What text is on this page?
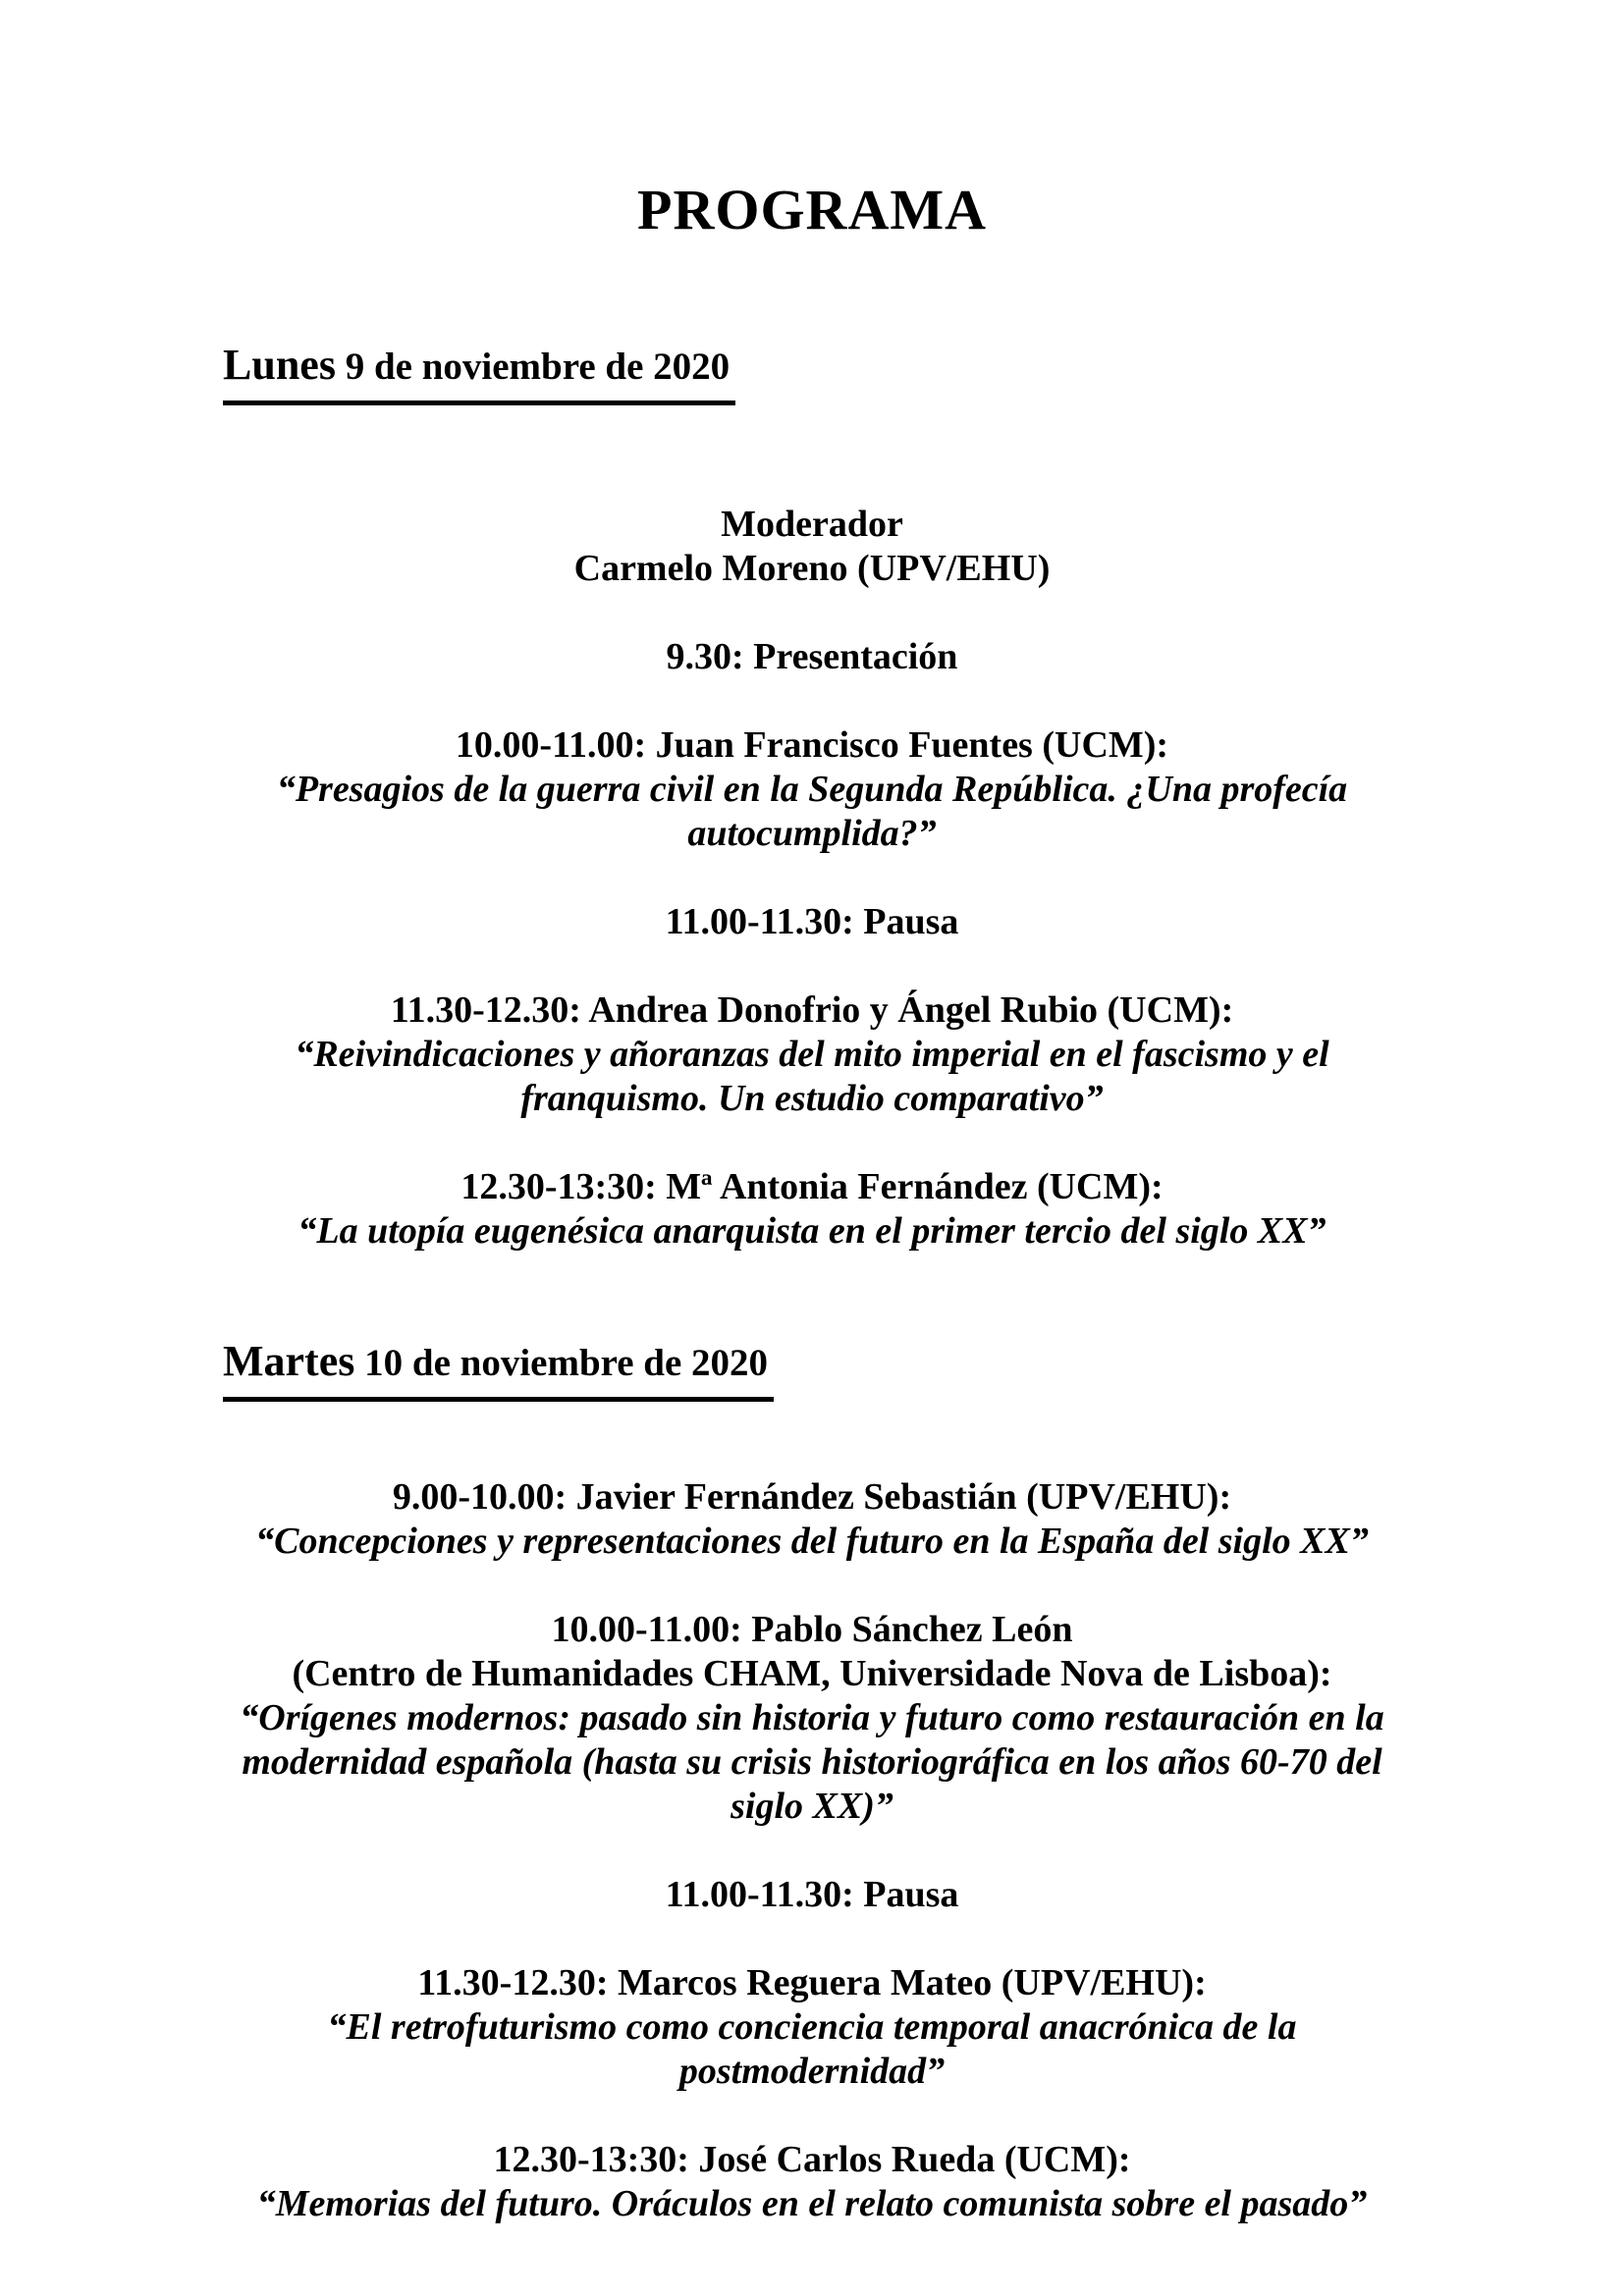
PROGRAMA
Lunes 9 de noviembre de 2020
Moderador
Carmelo Moreno (UPV/EHU)
9.30: Presentación
10.00-11.00: Juan Francisco Fuentes (UCM):
“Presagios de la guerra civil en la Segunda República. ¿Una profecía autocumplida?”
11.00-11.30: Pausa
11.30-12.30: Andrea Donofrio y Ángel Rubio (UCM):
“Reivindicaciones y añoranzas del mito imperial en el fascismo y el franquismo. Un estudio comparativo”
12.30-13:30: Mª Antonia Fernández (UCM):
“La utopía eugenésica anarquista en el primer tercio del siglo XX”
Martes 10 de noviembre de 2020
9.00-10.00: Javier Fernández Sebastián (UPV/EHU):
“Concepciones y representaciones del futuro en la España del siglo XX”
10.00-11.00: Pablo Sánchez León
(Centro de Humanidades CHAM, Universidade Nova de Lisboa):
“Orígenes modernos: pasado sin historia y futuro como restauración en la modernidad española (hasta su crisis historiográfica en los años 60-70 del siglo XX)”
11.00-11.30: Pausa
11.30-12.30: Marcos Reguera Mateo (UPV/EHU):
“El retrofuturismo como conciencia temporal anacrónica de la postmodernidad”
12.30-13:30: José Carlos Rueda (UCM):
“Memorias del futuro. Oráculos en el relato comunista sobre el pasado”
